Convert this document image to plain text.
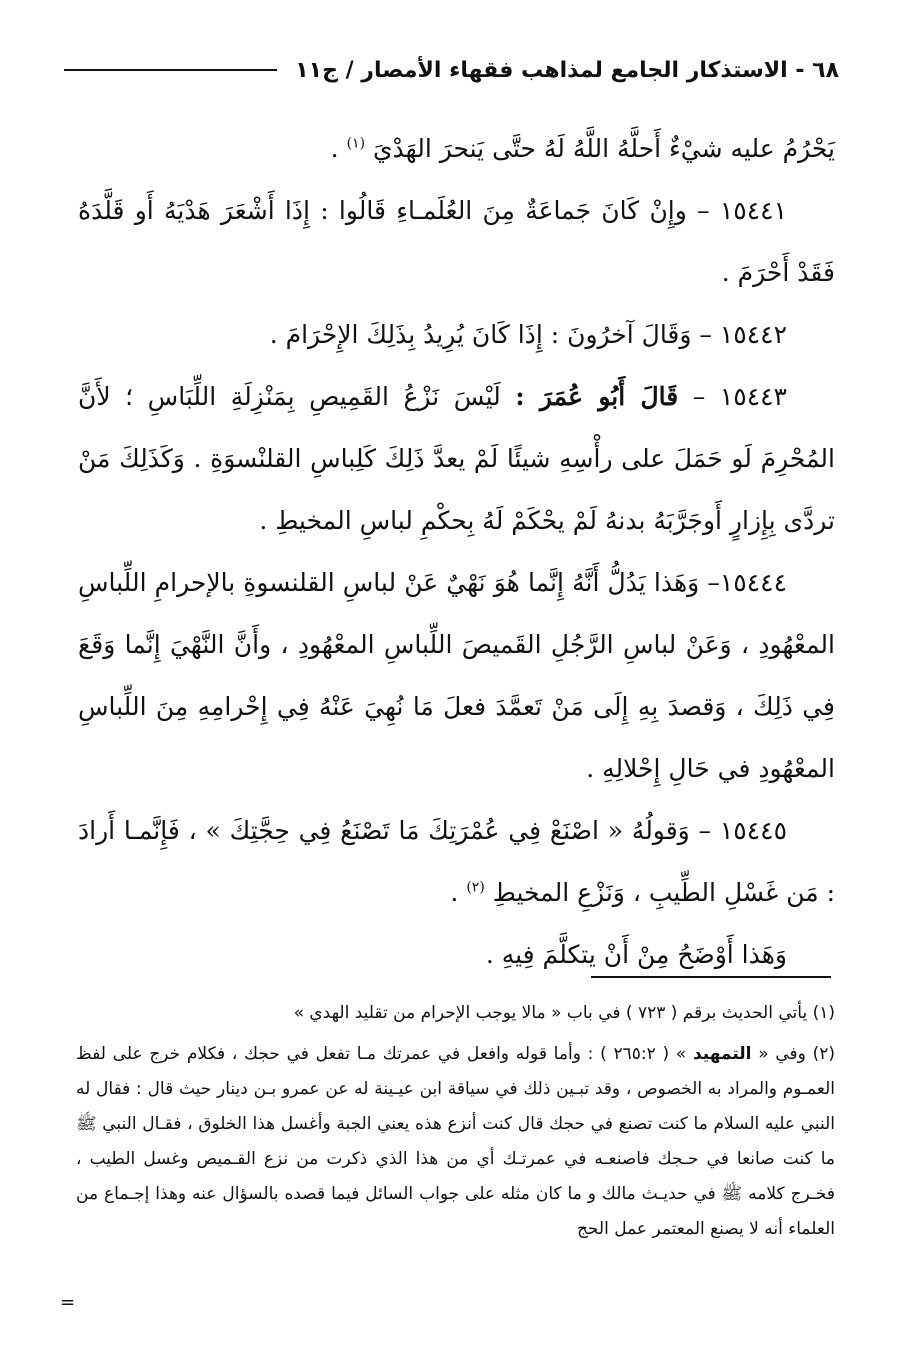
٦٨ - الاستذكار الجامع لمذاهب فقهاء الأمصار / ج١١

يَحْرُمُ عليه شيْءٌ أَحلَّهُ اللَّهُ لَهُ حتَّى يَنحرَ الهَدْيَ $^{(١)}$ .

١٥٤٤١ – وإِنْ كَانَ جَماعَةٌ مِنَ العُلَمـاءِ قَالُوا : إِذَا أَشْعَرَ هَدْيَهُ أَو قَلَّدَهُ فَقَدْ أَحْرَمَ .

١٥٤٤٢ – وَقَالَ آخرُونَ : إِذَا كَانَ يُرِيدُ بِذَلِكَ الإِحْرَامَ .

١٥٤٤٣ – قَالَ أَبُو عُمَرَ : لَيْسَ نَزْعُ القَمِيصِ بِمَنْزِلَةِ اللِّبَاسِ ؛ لأَنَّ المُحْرِمَ لَو حَمَلَ على رأْسِهِ شيئًا لَمْ يعدَّ ذَلِكَ كَلِباسِ القلنْسوَةِ . وَكَذَلِكَ مَنْ تردَّى بِإِزارٍ أَوجَرَّبَهُ بدنهُ لَمْ يحْكَمْ لَهُ بِحكْمِ لباسِ المخيطِ .

١٥٤٤٤– وَهَذا يَدُلُّ أَنَّهُ إِنَّما هُوَ نَهْيٌ عَنْ لباسِ القلنسوةِ بالإحرامِ اللِّباسِ المعْهُودِ ، وَعَنْ لباسِ الرَّجُلِ القَميصَ اللِّباسِ المعْهُودِ ، وأَنَّ النَّهْيَ إِنَّما وَقَعَ فِي ذَلِكَ ، وَقصدَ بِهِ إِلَى مَنْ تَعمَّدَ فعلَ مَا نُهِيَ عَنْهُ فِي إِحْرامِهِ مِنَ اللِّباسِ المعْهُودِ في حَالِ إِحْلالِهِ .

١٥٤٤٥ – وَقولُهُ « اصْنَعْ فِي عُمْرَتِكَ مَا تَصْنَعُ فِي حِجَّتِكَ » ، فَإِنَّمـا أَرادَ : مَن غَسْلِ الطِّيبِ ، وَنَزْعِ المخيطِ $^{(٢)}$ .

وَهَذا أَوْضَحُ مِنْ أَنْ يتكلَّمَ فِيهِ .

(١) يأتي الحديث برقم ( ٧٢٣ ) في باب « مالا يوجب الإحرام من تقليد الهدي »

(٢) وفي « التمهيد » ( ٢٦٥:٢ ) : وأما قوله وافعل في عمرتك مـا تفعل في حجك ، فكلام خرج على لفظ العمـوم والمراد به الخصوص ، وقد تبـين ذلك في سياقة ابن عيـينة له عن عمرو بـن دينار حيث قال : فقال له النبي عليه السلام ما كنت تصنع في حجك قال كنت أنزع هذه يعني الجبة وأغسل هذا الخلوق ، فقـال النبي ﷺ ما كنت صانعا في حـجك فاصنعـه في عمرتـك أي من هذا الذي ذكرت من نزع القـميص وغسل الطيب ، فخـرج كلامه ﷺ في حديـث مالك و ما كان مثله على جواب السائل فيما قصده بالسؤال عنه وهذا إجـماع من العلماء أنه لا يصنع المعتمر عمل الحج

=
